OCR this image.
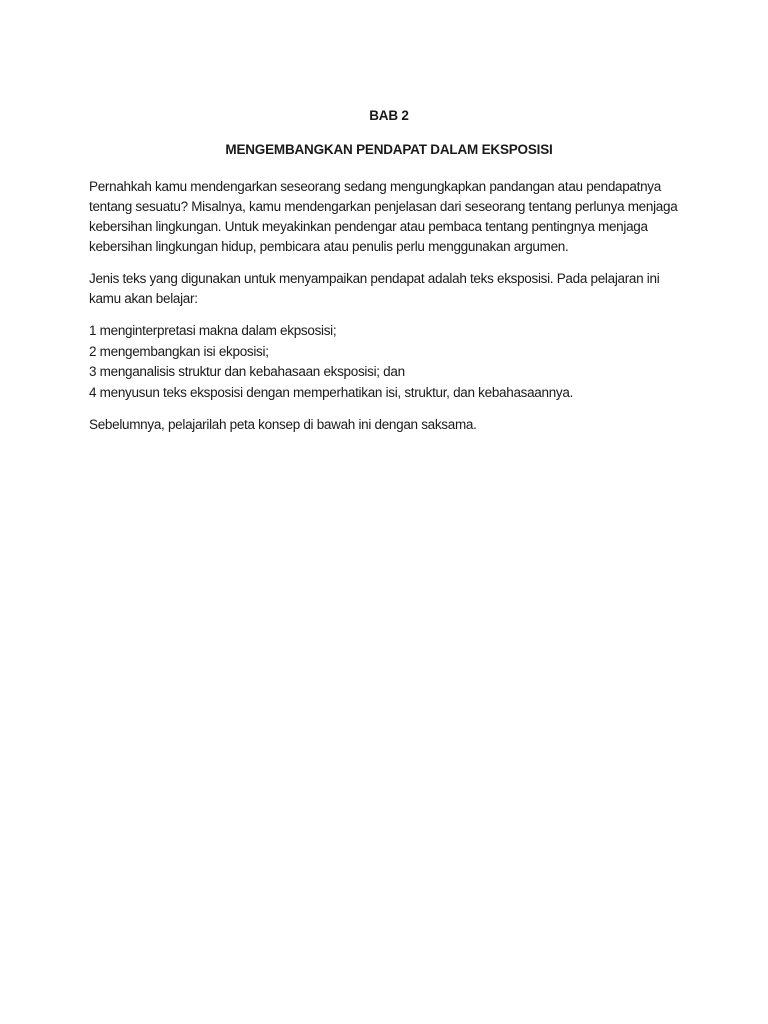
BAB 2
MENGEMBANGKAN PENDAPAT DALAM EKSPOSISI

Pernahkah kamu mendengarkan seseorang sedang mengungkapkan pandangan atau pendapatnya tentang sesuatu? Misalnya, kamu mendengarkan penjelasan dari seseorang tentang perlunya menjaga kebersihan lingkungan. Untuk meyakinkan pendengar atau pembaca tentang pentingnya menjaga kebersihan lingkungan hidup, pembicara atau penulis perlu menggunakan argumen.

Jenis teks yang digunakan untuk menyampaikan pendapat adalah teks eksposisi. Pada pelajaran ini kamu akan belajar:

1 menginterpretasi makna dalam ekpsosisi;
2 mengembangkan isi ekposisi;
3 menganalisis struktur dan kebahasaan eksposisi; dan
4 menyusun teks eksposisi dengan memperhatikan isi, struktur, dan kebahasaannya.

Sebelumnya, pelajarilah peta konsep di bawah ini dengan saksama.
